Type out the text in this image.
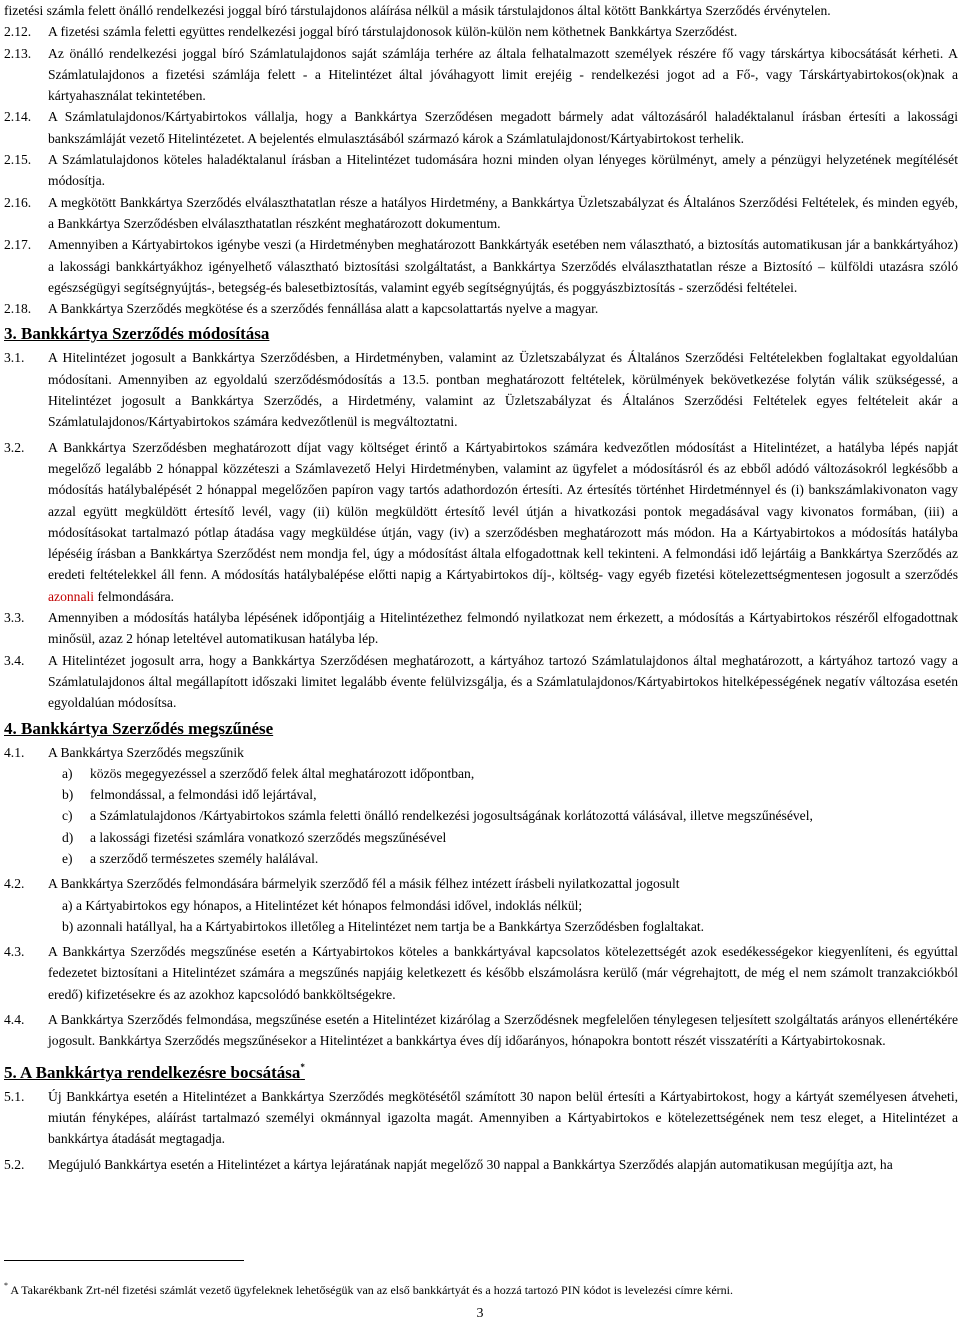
fizetési számla felett önálló rendelkezési joggal bíró társtulajdonos aláírása nélkül a másik társtulajdonos által kötött Bankkártya Szerződés érvénytelen.

2.12.	A fizetési számla feletti együttes rendelkezési joggal bíró társtulajdonosok külön-külön nem köthetnek Bankkártya Szerződést.

2.13.	Az önálló rendelkezési joggal bíró Számlatulajdonos saját számlája terhére az általa felhatalmazott személyek részére fő vagy társkártya kibocsátását kérheti. A Számlatulajdonos a fizetési számlája felett - a Hitelintézet által jóváhagyott limit erejéig - rendelkezési jogot ad a Fő-, vagy Társkártyabirtokos(ok)nak a kártyahasználat tekintetében.

2.14.	A Számlatulajdonos/Kártyabirtokos vállalja, hogy a Bankkártya Szerződésen megadott bármely adat változásáról haladéktalanul írásban értesíti a lakossági bankszámláját vezető Hitelintézetet. A bejelentés elmulasztásából származó károk a Számlatulajdonost/Kártyabirtokost terhelik.

2.15.	A Számlatulajdonos köteles haladéktalanul írásban a Hitelintézet tudomására hozni minden olyan lényeges körülményt, amely a pénzügyi helyzetének megítélését módosítja.

2.16.	A megkötött Bankkártya Szerződés elválaszthatatlan része a hatályos Hirdetmény, a Bankkártya Üzletszabályzat és Általános Szerződési Feltételek, és minden egyéb, a Bankkártya Szerződésben elválaszthatatlan részként meghatározott dokumentum.

2.17.	Amennyiben a Kártyabirtokos igénybe veszi (a Hirdetményben meghatározott Bankkártyák esetében nem választható, a biztosítás automatikusan jár a bankkártyához) a lakossági bankkártyákhoz igényelhető választható biztosítási szolgáltatást, a Bankkártya Szerződés elválaszthatatlan része a Biztosító – külföldi utazásra szóló egészségügyi segítségnyújtás-, betegség-és balesetbiztosítás, valamint egyéb segítségnyújtás, és poggyászbiztosítás - szerződési feltételei.

2.18.	A Bankkártya Szerződés megkötése és a szerződés fennállása alatt a kapcsolattartás nyelve a magyar.

3. Bankkártya Szerződés módosítása

3.1.	A Hitelintézet jogosult a Bankkártya Szerződésben, a Hirdetményben, valamint az Üzletszabályzat és Általános Szerződési Feltételekben foglaltakat egyoldalúan módosítani. Amennyiben az egyoldalú szerződésmódosítás a 13.5. pontban meghatározott feltételek, körülmények bekövetkezése folytán válik szükségessé, a Hitelintézet jogosult a Bankkártya Szerződés, a Hirdetmény, valamint az Üzletszabályzat és Általános Szerződési Feltételek egyes feltételeit akár a Számlatulajdonos/Kártyabirtokos számára kedvezőtlenül is megváltoztatni.

3.2.	A Bankkártya Szerződésben meghatározott díjat vagy költséget érintő a Kártyabirtokos számára kedvezőtlen módosítást a Hitelintézet, a hatályba lépés napját megelőző legalább 2 hónappal közzéteszi a Számlavezető Helyi Hirdetményben, valamint az ügyfelet a módosításról és az ebből adódó változásokról legkésőbb a módosítás hatálybalépését 2 hónappal megelőzően papíron vagy tartós adathordozón értesíti. Az értesítés történhet Hirdetménnyel és (i) bankszámlakivonaton vagy azzal együtt megküldött értesítő levél, vagy (ii) külön megküldött értesítő levél útján a hivatkozási pontok megadásával vagy kivonatos formában, (iii) a módosításokat tartalmazó pótlap átadása vagy megküldése útján, vagy (iv) a szerződésben meghatározott más módon. Ha a Kártyabirtokos a módosítás hatályba lépéséig írásban a Bankkártya Szerződést nem mondja fel, úgy a módosítást általa elfogadottnak kell tekinteni. A felmondási idő lejártáig a Bankkártya Szerződés az eredeti feltételekkel áll fenn. A módosítás hatálybalépése előtti napig a Kártyabirtokos díj-, költség- vagy egyéb fizetési kötelezettségmentesen jogosult a szerződés azonnali felmondására.

3.3.	Amennyiben a módosítás hatályba lépésének időpontjáig a Hitelintézethez felmondó nyilatkozat nem érkezett, a módosítás a Kártyabirtokos részéről elfogadottnak minősül, azaz 2 hónap leteltével automatikusan hatályba lép.

3.4.	A Hitelintézet jogosult arra, hogy a Bankkártya Szerződésen meghatározott, a kártyához tartozó Számlatulajdonos által meghatározott, a kártyához tartozó vagy a Számlatulajdonos által megállapított időszaki limitet legalább évente felülvizsgálja, és a Számlatulajdonos/Kártyabirtokos hitelképességének negatív változása esetén egyoldalúan módosítsa.

4. Bankkártya Szerződés megszűnése

4.1.	A Bankkártya Szerződés megszűnik

a) közös megegyezéssel a szerződő felek által meghatározott időpontban,
b) felmondással, a felmondási idő lejártával,
c) a Számlatulajdonos /Kártyabirtokos számla feletti önálló rendelkezési jogosultságának korlátozottá válásával, illetve megszűnésével,
d) a lakossági fizetési számlára vonatkozó szerződés megszűnésével
e) a szerződő természetes személy halálával.

4.2.	A Bankkártya Szerződés felmondására bármelyik szerződő fél a másik félhez intézett írásbeli nyilatkozattal jogosult

a) a Kártyabirtokos egy hónapos, a Hitelintézet két hónapos felmondási idővel, indoklás nélkül;
b) azonnali hatállyal, ha a Kártyabirtokos illetőleg a Hitelintézet nem tartja be a Bankkártya Szerződésben foglaltakat.

4.3.	A Bankkártya Szerződés megszűnése esetén a Kártyabirtokos köteles a bankkártyával kapcsolatos kötelezettségét azok esedékességekor kiegyenlíteni, és egyúttal fedezetet biztosítani a Hitelintézet számára a megszűnés napjáig keletkezett és később elszámolásra kerülő (már végrehajtott, de még el nem számolt tranzakciókból eredő) kifizetésekre és az azokhoz kapcsolódó bankköltségekre.

4.4.	A Bankkártya Szerződés felmondása, megszűnése esetén a Hitelintézet kizárólag a Szerződésnek megfelelően ténylegesen teljesített szolgáltatás arányos ellenértékére jogosult. Bankkártya Szerződés megszűnésekor a Hitelintézet a bankkártya éves díj időarányos, hónapokra bontott részét visszatéríti a Kártyabirtokosnak.

5. A Bankkártya rendelkezésre bocsátása*

5.1.	Új Bankkártya esetén a Hitelintézet a Bankkártya Szerződés megkötésétől számított 30 napon belül értesíti a Kártyabirtokost, hogy a kártyát személyesen átveheti, miután fényképes, aláírást tartalmazó személyi okmánnyal igazolta magát. Amennyiben a Kártyabirtokos e kötelezettségének nem tesz eleget, a Hitelintézet a bankkártya átadását megtagadja.

5.2.	Megújuló Bankkártya esetén a Hitelintézet a kártya lejáratának napját megelőző 30 nappal a Bankkártya Szerződés alapján automatikusan megújítja azt, ha

* A Takarékbank Zrt-nél fizetési számlát vezető ügyfeleknek lehetőségük van az első bankkártyát és a hozzá tartozó PIN kódot is levelezési címre kérni.
3
